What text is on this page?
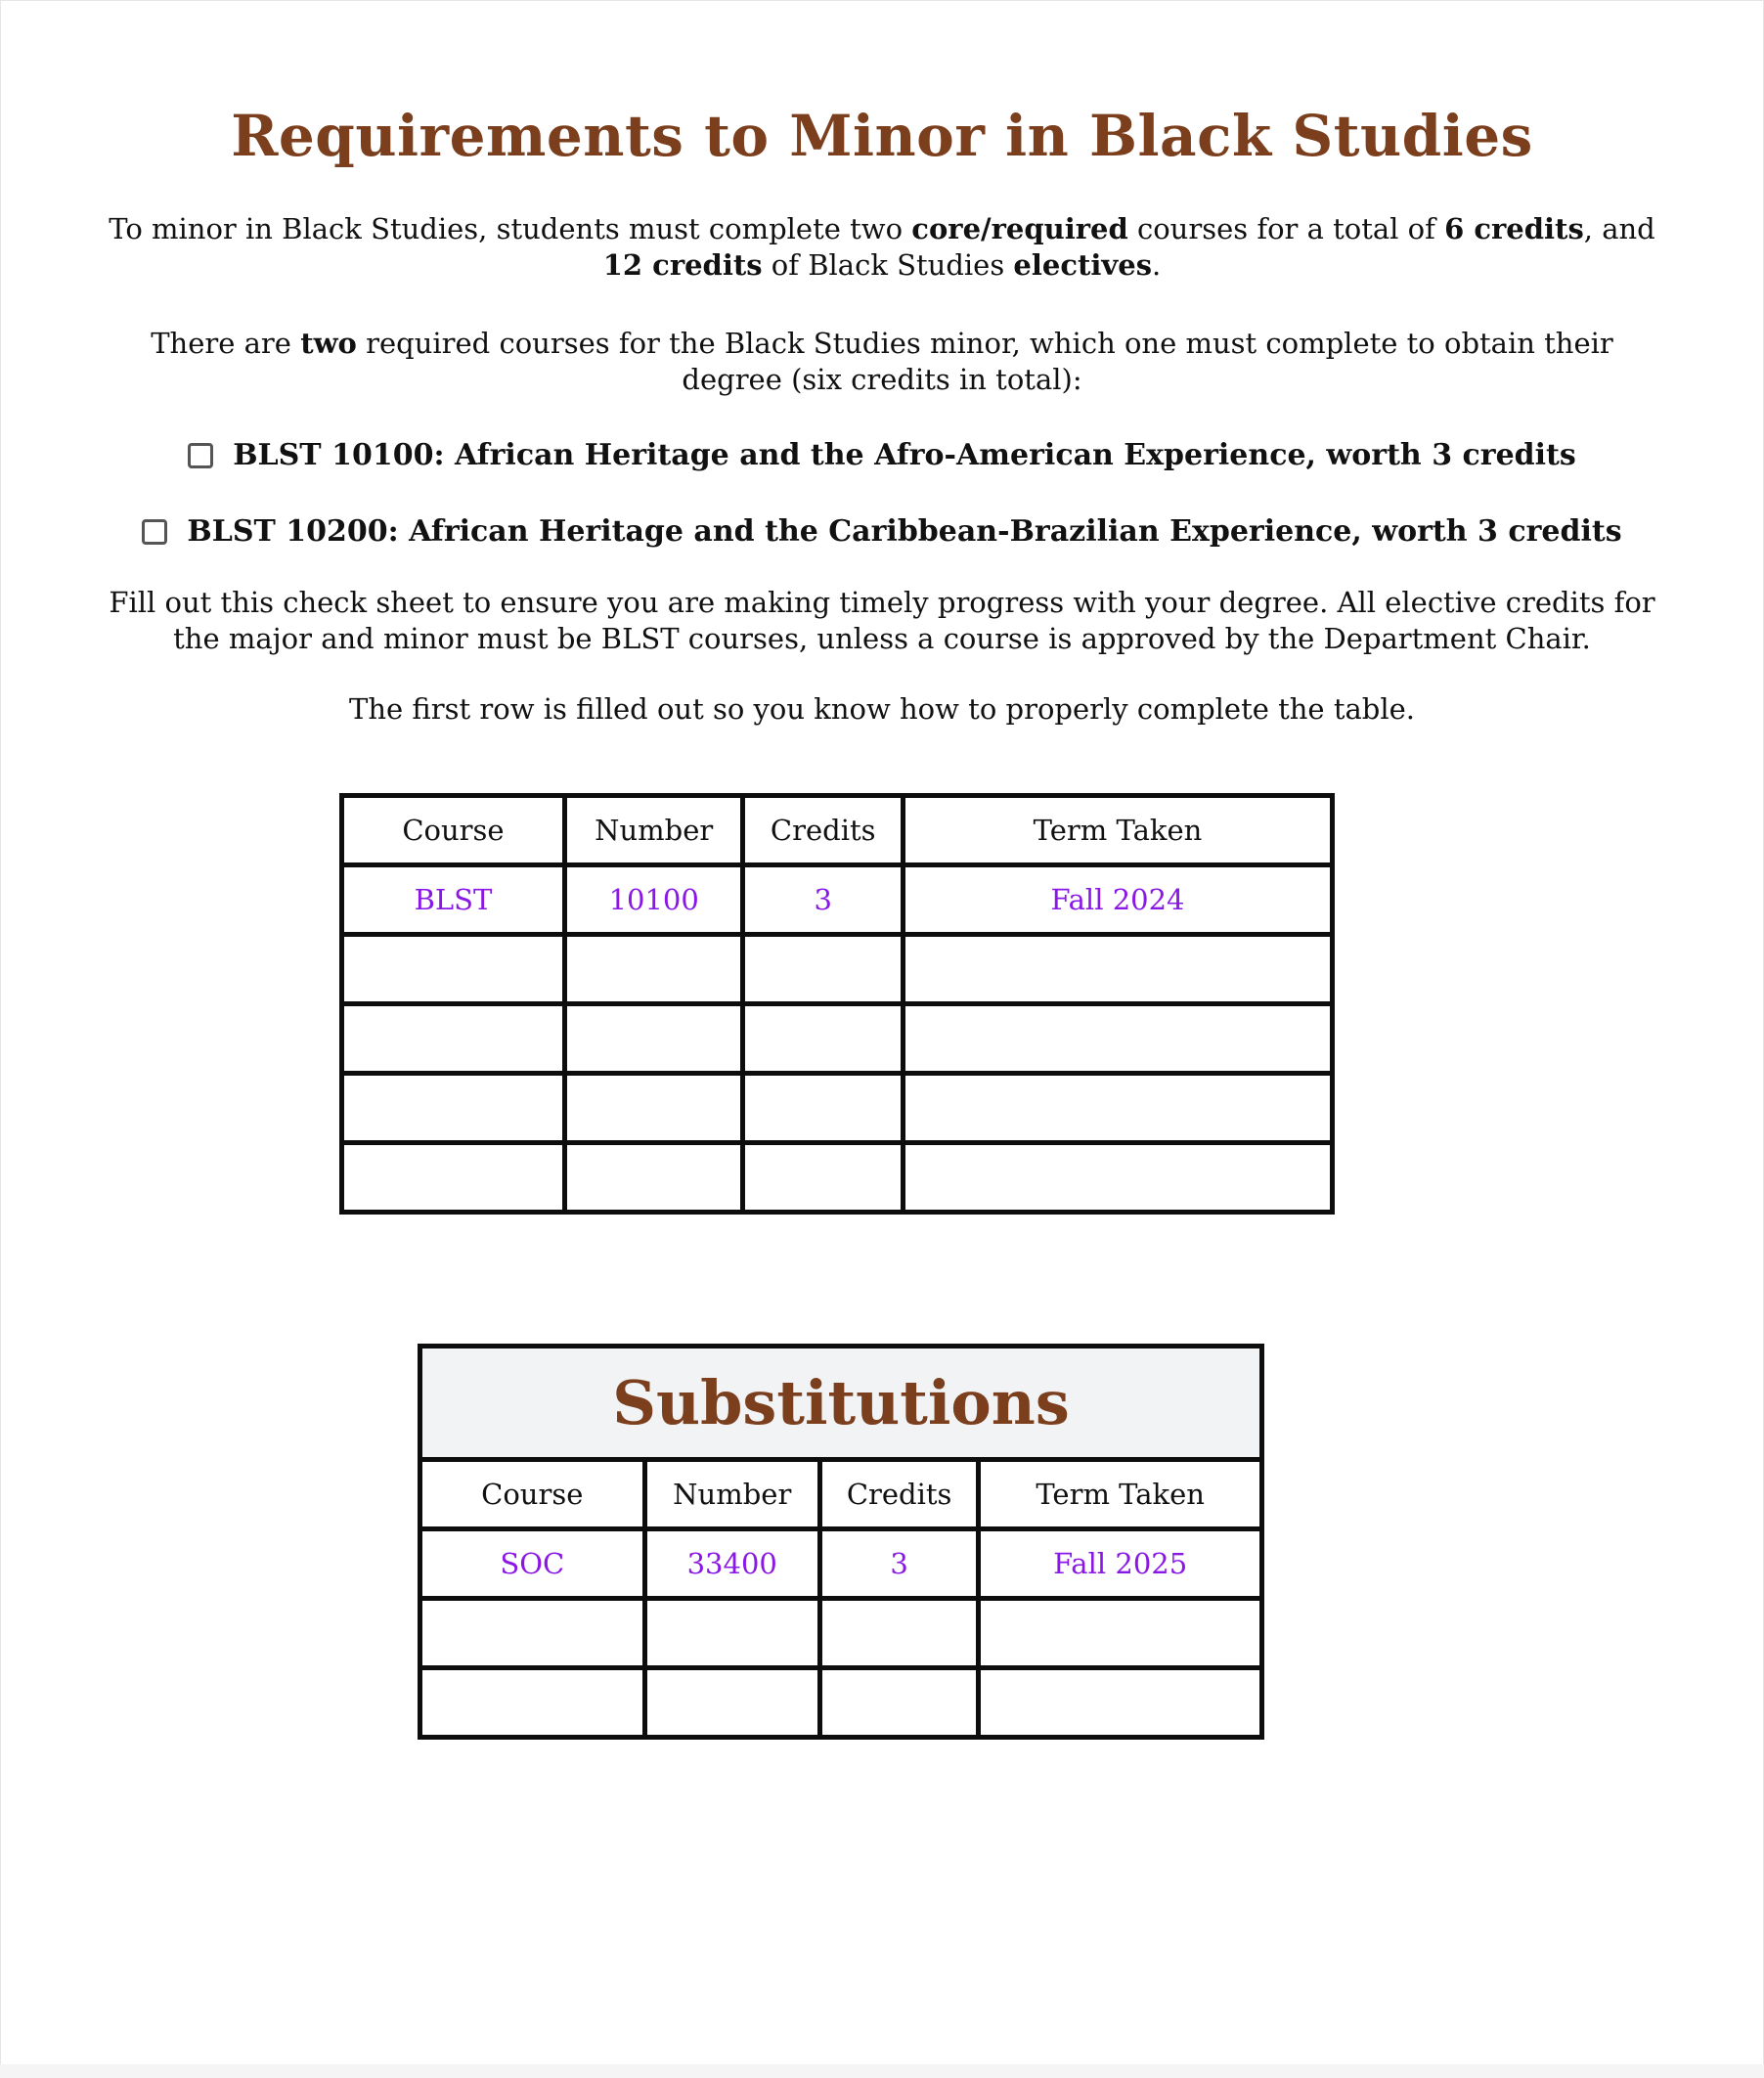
Requirements to Minor in Black Studies

To minor in Black Studies, students must complete two core/required courses for a total of 6 credits, and 12 credits of Black Studies electives.

There are two required courses for the Black Studies minor, which one must complete to obtain their degree (six credits in total):

BLST 10100: African Heritage and the Afro-American Experience, worth 3 credits
BLST 10200: African Heritage and the Caribbean-Brazilian Experience, worth 3 credits

Fill out this check sheet to ensure you are making timely progress with your degree. All elective credits for the major and minor must be BLST courses, unless a course is approved by the Department Chair.

The first row is filled out so you know how to properly complete the table.

Course	Number	Credits	Term Taken
BLST	10100	3	Fall 2024

Substitutions			
Course	Number	Credits	Term Taken
SOC	33400	3	Fall 2025
